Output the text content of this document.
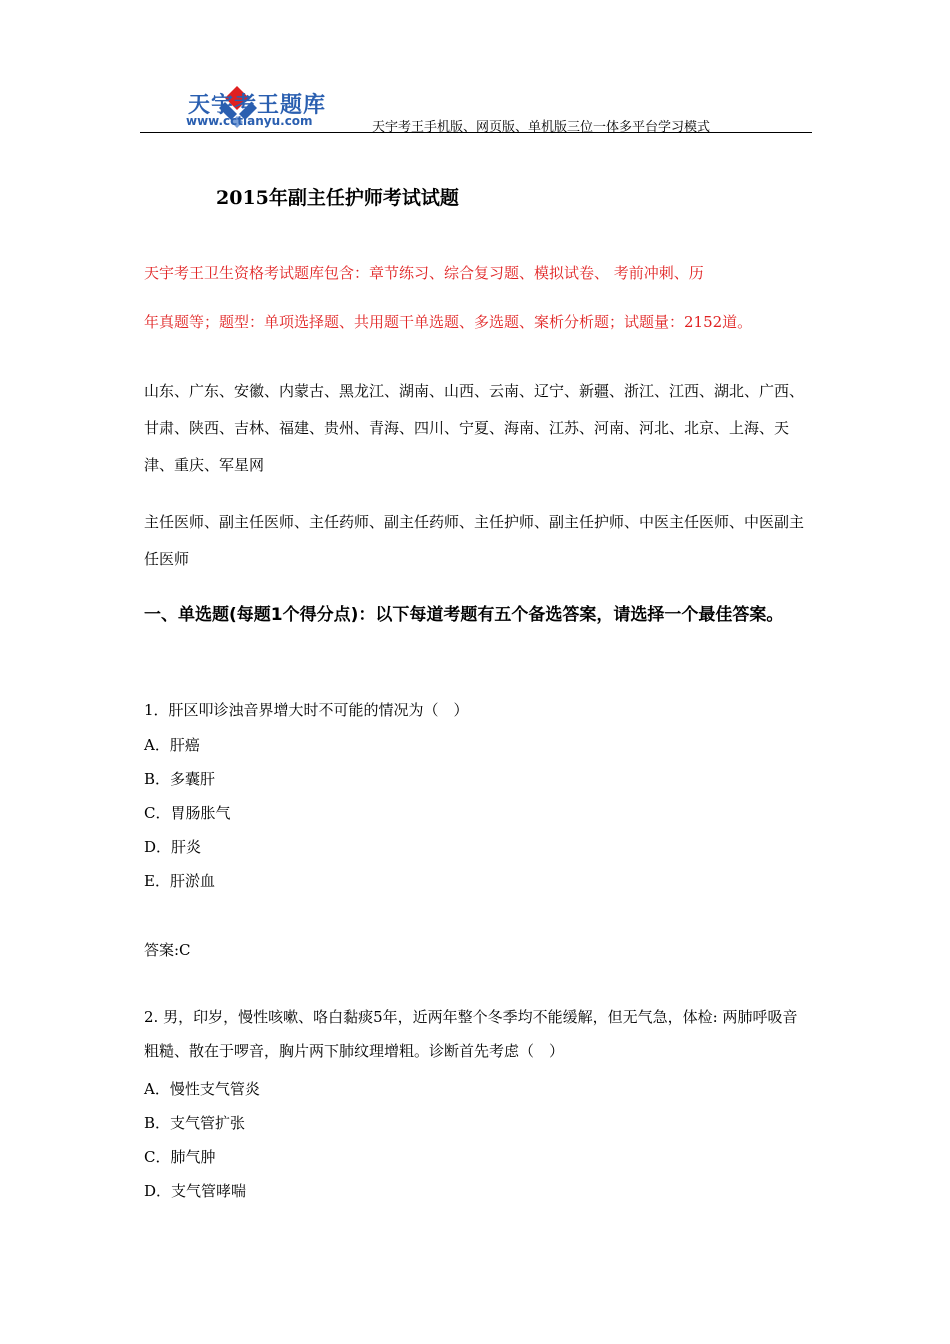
天宇考王题库
www.cctianyu.com	天宇考王手机版、网页版、单机版三位一体多平台学习模式
2015年副主任护师考试试题
天宇考王卫生资格考试题库包含：章节练习、综合复习题、模拟试卷、 考前冲刺、历
年真题等；题型：单项选择题、共用题干单选题、多选题、案析分析题；试题量：2152道。

山东、广东、安徽、内蒙古、黑龙江、湖南、山西、云南、辽宁、新疆、浙江、江西、湖北、广西、甘肃、陕西、吉林、福建、贵州、青海、四川、宁夏、海南、江苏、河南、河北、北京、上海、天津、重庆、军星网

主任医师、副主任医师、主任药师、副主任药师、主任护师、副主任护师、中医主任医师、中医副主任医师

一、单选题(每题1个得分点)：以下每道考题有五个备选答案，请选择一个最佳答案。

1．肝区叩诊浊音界增大时不可能的情况为（　）

A．肝癌
B．多囊肝
C．胃肠胀气
D．肝炎
E．肝淤血
答案:C

2. 男，印岁，慢性咳嗽、咯白黏痰5年，近两年整个冬季均不能缓解，但无气急，体检: 两肺呼吸音粗糙、散在于啰音，胸片两下肺纹理增粗。诊断首先考虑（　）

A．慢性支气管炎
B．支气管扩张
C．肺气肿
D．支气管哮喘
